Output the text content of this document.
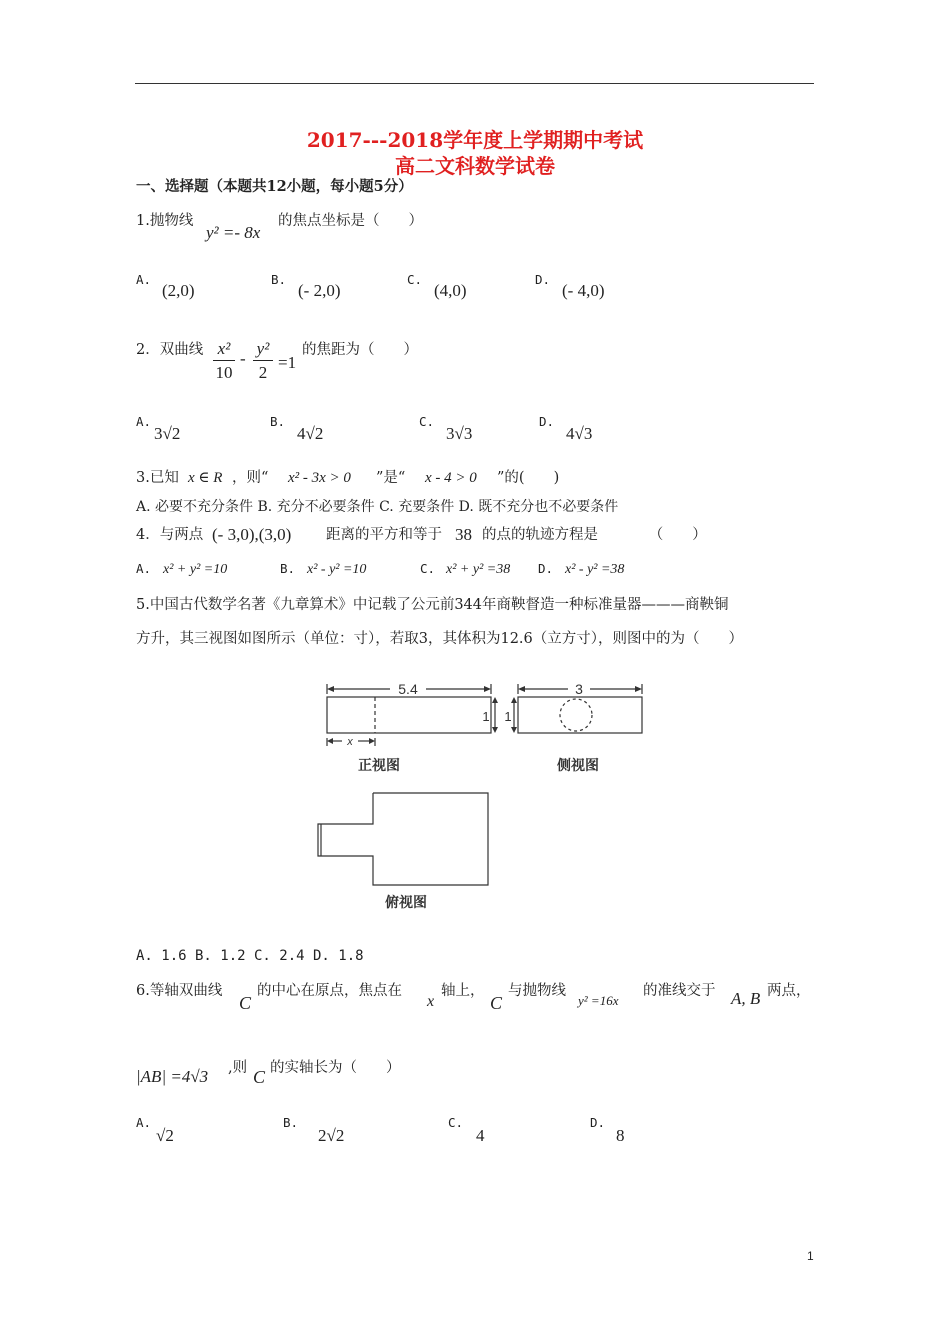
2017---2018学年度上学期期中考试
高二文科数学试卷
一、选择题（本题共12小题，每小题5分）
1.抛物线
y² =- 8x
的焦点坐标是（　　）
A.
(2,0)
B.
(- 2,0)
C.
(4,0)
D.
(- 4,0)
2．双曲线 x²
10
-
y²
2
=1
的焦距为（　　）
A.
3√2
B.
4√2
C.
3√3
D.
4√3
3.已知 x ∈ R ，则“ x² - 3x > 0 ”是“ x - 4 > 0 ”的(　　)
A. 必要不充分条件 B. 充分不必要条件 C. 充要条件 D. 既不充分也不必要条件
4．与两点 (- 3,0),(3,0) 距离的平方和等于 38 的点的轨迹方程是　　　　（　　）
A. x² + y² =10	B. x² - y² =10	C. x² + y² =38 D. x² - y² =38
5.中国古代数学名著《九章算术》中记载了公元前344年商鞅督造一种标准量器———商鞅铜
方升，其三视图如图所示（单位：寸），若取3，其体积为12.6（立方寸），则图中的为（　　）
5.4	3
1 1
x
正视图	侧视图
俯视图
A. 1.6 B. 1.2 C. 2.4 D. 1.8
6.等轴双曲线
C
的中心在原点，焦点在
x
轴上，
C
与抛物线
y² =16x
的准线交于 A, B 两点，
|AB| =4√3 ,则 C 的实轴长为（　　）
A.
√2
B.
2√2
C.
4
D.
8
1
